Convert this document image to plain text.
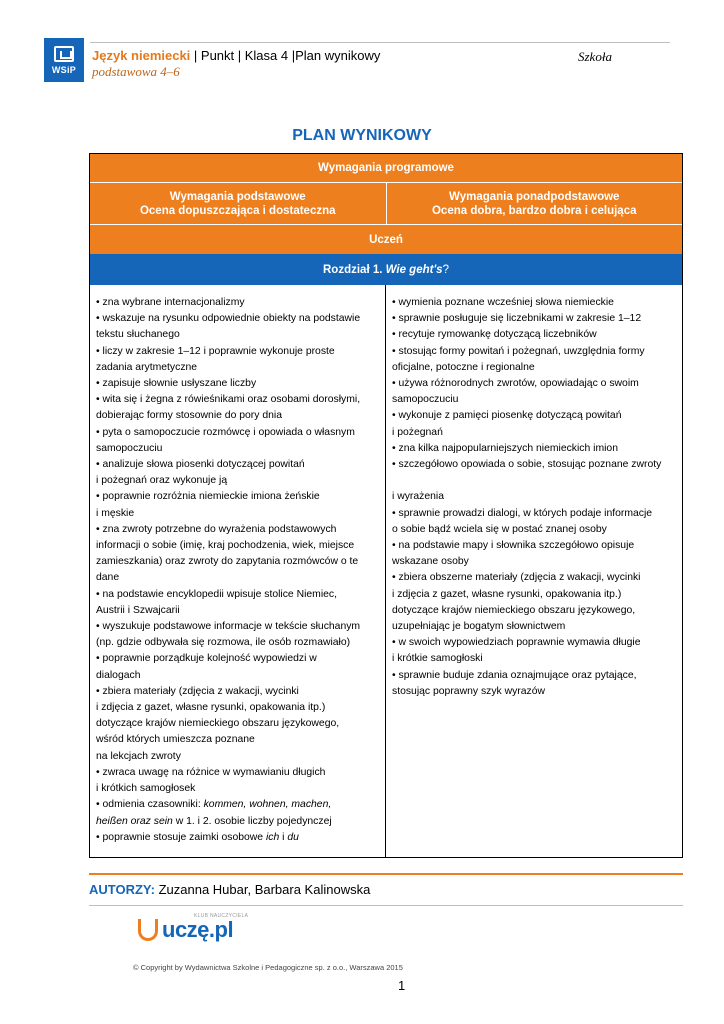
WSiP
Język niemiecki | Punkt | Klasa 4 |Plan wynikowy	Szkoła
podstawowa 4–6
PLAN WYNIKOWY
Wymagania programowe
Wymagania podstawowe
Ocena dopuszczająca i dostateczna
Wymagania ponadpodstawowe
Ocena dobra, bardzo dobra i celująca
Uczeń
Rozdział 1. Wie geht's?
• zna wybrane internacjonalizmy
• wskazuje na rysunku odpowiednie obiekty na podstawie
tekstu słuchanego
• liczy w zakresie 1–12 i poprawnie wykonuje proste
zadania arytmetyczne
• zapisuje słownie usłyszane liczby
• wita się i żegna z rówieśnikami oraz osobami dorosłymi,
dobierając formy stosownie do pory dnia
• pyta o samopoczucie rozmówcę i opowiada o własnym
samopoczuciu
• analizuje słowa piosenki dotyczącej powitań
i pożegnań oraz wykonuje ją
• poprawnie rozróżnia niemieckie imiona żeńskie
i męskie
• zna zwroty potrzebne do wyrażenia podstawowych
informacji o sobie (imię, kraj pochodzenia, wiek, miejsce
zamieszkania) oraz zwroty do zapytania rozmówców o te
dane
• na podstawie encyklopedii wpisuje stolice Niemiec,
Austrii i Szwajcarii
• wyszukuje podstawowe informacje w tekście słuchanym
(np. gdzie odbywała się rozmowa, ile osób rozmawiało)
• poprawnie porządkuje kolejność wypowiedzi w
dialogach
• zbiera materiały (zdjęcia z wakacji, wycinki
i zdjęcia z gazet, własne rysunki, opakowania itp.)
dotyczące krajów niemieckiego obszaru językowego,
wśród których umieszcza poznane
na lekcjach zwroty
• zwraca uwagę na różnice w wymawianiu długich
i krótkich samogłosek
• odmienia czasowniki: kommen, wohnen, machen,
heißen oraz sein w 1. i 2. osobie liczby pojedynczej
• poprawnie stosuje zaimki osobowe ich i du
• wymienia poznane wcześniej słowa niemieckie
• sprawnie posługuje się liczebnikami w zakresie 1–12
• recytuje rymowankę dotyczącą liczebników
• stosując formy powitań i pożegnań, uwzględnia formy
oficjalne, potoczne i regionalne
• używa różnorodnych zwrotów, opowiadając o swoim
samopoczuciu
• wykonuje z pamięci piosenkę dotyczącą powitań
i pożegnań
• zna kilka najpopularniejszych niemieckich imion
• szczegółowo opowiada o sobie, stosując poznane zwroty
i wyrażenia
• sprawnie prowadzi dialogi, w których podaje informacje
o sobie bądź wciela się w postać znanej osoby
• na podstawie mapy i słownika szczegółowo opisuje
wskazane osoby
• zbiera obszerne materiały (zdjęcia z wakacji, wycinki
i zdjęcia z gazet, własne rysunki, opakowania itp.)
dotyczące krajów niemieckiego obszaru językowego,
uzupełniając je bogatym słownictwem
• w swoich wypowiedziach poprawnie wymawia długie
i krótkie samogłoski
• sprawnie buduje zdania oznajmujące oraz pytające,
stosując poprawny szyk wyrazów
AUTORZY: Zuzanna Hubar, Barbara Kalinowska
KLUB NAUCZYCIELA
uczę.pl
© Copyright by Wydawnictwa Szkolne i Pedagogiczne sp. z o.o., Warszawa 2015
1
